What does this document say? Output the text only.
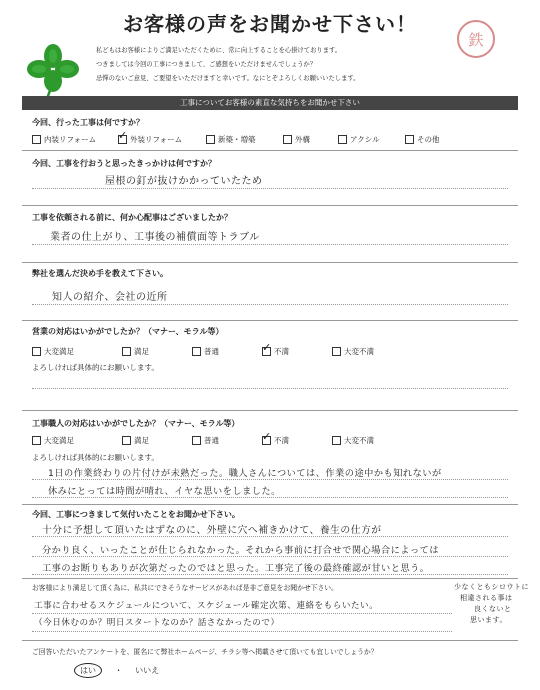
お客様の声をお聞かせ下さい！
鉄
私どもはお客様によりご満足いただくために、常に向上することを心掛けております。
つきましては今回の工事につきまして、ご感想をいただけませんでしょうか？
忌憚のないご意見、ご要望をいただけますと幸いです。なにとぞよろしくお願いいたします。
工事についてお客様の素直な気持ちをお聞かせ下さい
今回、行った工事は何ですか？
内装リフォーム ✓ 外装リフォーム	新築・増築	外構	アクシル	その他
今回、工事を行おうと思ったきっかけは何ですか？
屋根の釘が抜けかかっていたため
工事を依頼される前に、何か心配事はございましたか？
業者の仕上がり、工事後の補償面等トラブル
弊社を選んだ決め手を教えて下さい。
知人の紹介、会社の近所
営業の対応はいかがでしたか？（マナー、モラル等）
大変満足	満足	普通	✓ 不満	大変不満
よろしければ具体的にお願いします。
工事職人の対応はいかがでしたか？（マナー、モラル等）
大変満足	満足	普通	✓ 不満	大変不満
よろしければ具体的にお願いします。
1日の作業終わりの片付けが未熟だった。職人さんについては、作業の途中かも知れないが
休みにとっては時間が晴れ、イヤな思いをしました。
今回、工事につきまして気付いたことをお聞かせ下さい。
十分に予想して頂いたはずなのに、外壁に穴へ補きかけて、養生の仕方が
分かり良く、いったことが仕じられなかった。それから事前に打合せで関心場合によっては
工事のお断りもありが次第だったのではと思った。工事完了後の最終確認が甘いと思う。
お客様により満足して頂く為に、私共にできそうなサービスがあれば是非ご意見をお聞かせ下さい。
工事に合わせるスケジュールについて、スケジュール確定次第、連絡をもらいたい。
（今日休むのか？明日スタートなのか？話さなかったので）
少なくともシロウトに
相違される事は
良くないと
思います。
ご回答いただいたアンケートを、匿名にて弊社ホームページ、チラシ等へ掲載させて頂いても宜しいでしょうか？
はい ・ いいえ
